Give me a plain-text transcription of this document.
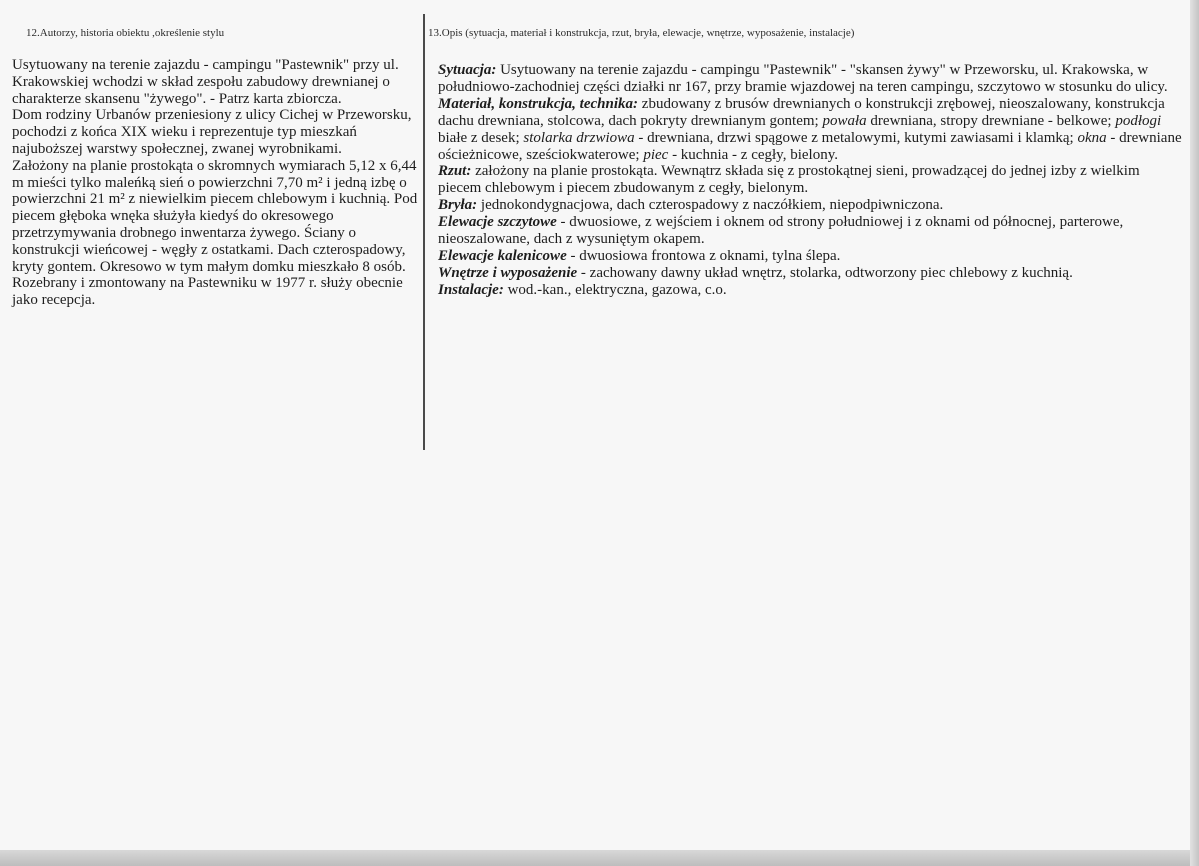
12.Autorzy, historia obiektu ,określenie stylu

Usytuowany na terenie zajazdu - campingu "Pastewnik" przy ul. Krakowskiej wchodzi w skład zespołu zabudowy drewnianej o charakterze skansenu "żywego". - Patrz karta zbiorcza.

Dom rodziny Urbanów przeniesiony z ulicy Cichej w Przeworsku, pochodzi z końca XIX wieku i reprezentuje typ mieszkań najuboższej warstwy społecznej, zwanej wyrobnikami.

Założony na planie prostokąta o skromnych wymiarach 5,12 x 6,44 m mieści tylko maleńką sień o powierzchni 7,70 m² i jedną izbę o powierzchni 21 m² z niewielkim piecem chlebowym i kuchnią. Pod piecem głęboka wnęka służyła kiedyś do okresowego przetrzymywania drobnego inwentarza żywego. Ściany o konstrukcji wieńcowej - węgły z ostatkami. Dach czterospadowy, kryty gontem. Okresowo w tym małym domku mieszkało 8 osób. Rozebrany i zmontowany na Pastewniku w 1977 r. służy obecnie jako recepcja.

13.Opis (sytuacja, materiał i konstrukcja, rzut, bryła, elewacje, wnętrze, wyposażenie, instalacje)

Sytuacja: Usytuowany na terenie zajazdu - campingu "Pastewnik" - "skansen żywy" w Przeworsku, ul. Krakowska, w południowo-zachodniej części działki nr 167, przy bramie wjazdowej na teren campingu, szczytowo w stosunku do ulicy.

Materiał, konstrukcja, technika: zbudowany z brusów drewnianych o konstrukcji zrębowej, nieoszalowany, konstrukcja dachu drewniana, stolcowa, dach pokryty drewnianym gontem; powała drewniana, stropy drewniane - belkowe; podłogi białe z desek; stolarka drzwiowa - drewniana, drzwi spągowe z metalowymi, kutymi zawiasami i klamką; okna - drewniane ościeżnicowe, sześciokwaterowe; piec - kuchnia - z cegły, bielony.

Rzut: założony na planie prostokąta. Wewnątrz składa się z prostokątnej sieni, prowadzącej do jednej izby z wielkim piecem chlebowym i piecem zbudowanym z cegły, bielonym.

Bryła: jednokondygnacjowa, dach czterospadowy z naczółkiem, niepodpiwniczona.

Elewacje szczytowe - dwuosiowe, z wejściem i oknem od strony południowej i z oknami od północnej, parterowe, nieoszalowane, dach z wysuniętym okapem.

Elewacje kalenicowe - dwuosiowa frontowa z oknami, tylna ślepa.

Wnętrze i wyposażenie - zachowany dawny układ wnętrz, stolarka, odtworzony piec chlebowy z kuchnią.

Instalacje: wod.-kan., elektryczna, gazowa, c.o.
